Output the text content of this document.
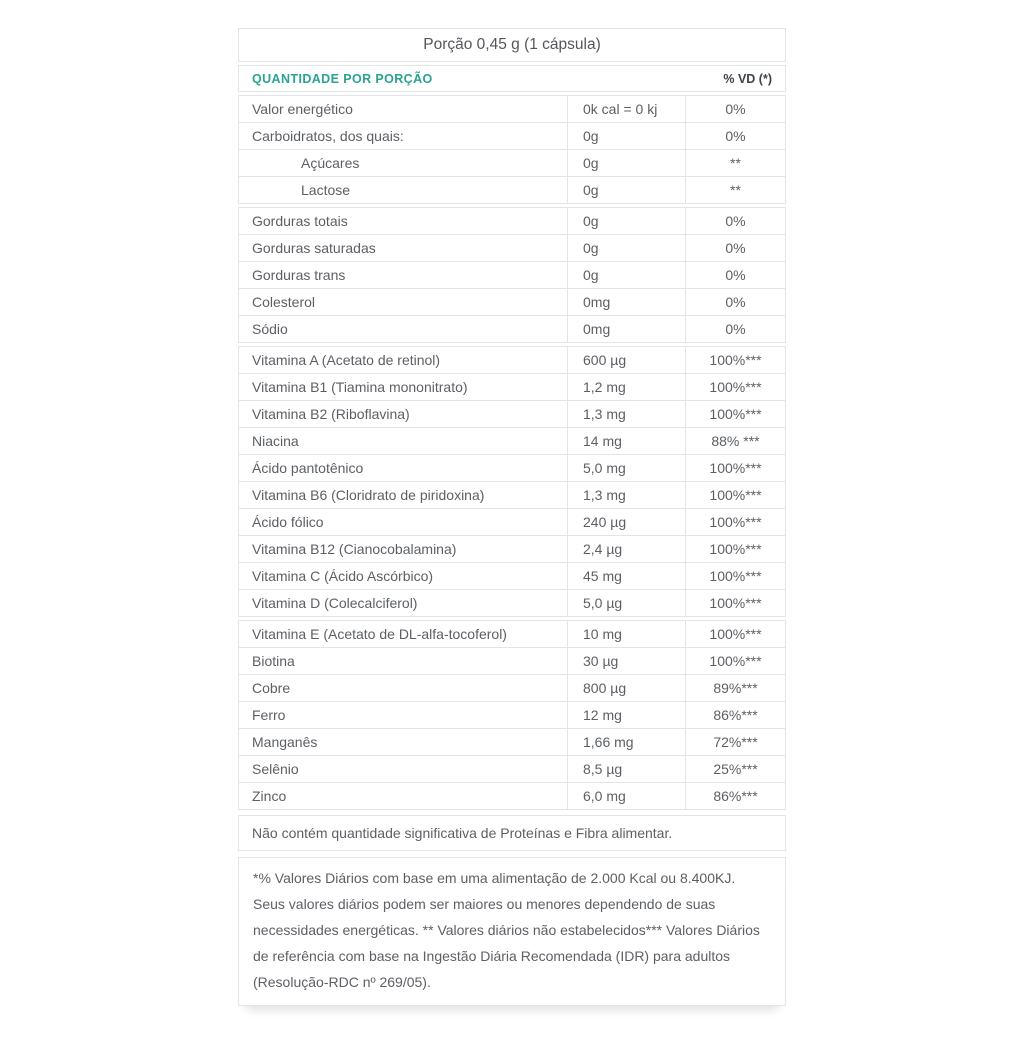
Porção 0,45 g (1 cápsula)
QUANTIDADE POR PORÇÃO	% VD (*)
Valor energético	0k cal = 0 kj	0%
Carboidratos, dos quais:	0g	0%
Açúcares	0g	**
Lactose	0g	**
Gorduras totais	0g	0%
Gorduras saturadas	0g	0%
Gorduras trans	0g	0%
Colesterol	0mg	0%
Sódio	0mg	0%
Vitamina A (Acetato de retinol)	600 µg	100%***
Vitamina B1 (Tiamina mononitrato)	1,2 mg	100%***
Vitamina B2 (Riboflavina)	1,3 mg	100%***
Niacina	14 mg	88% ***
Ácido pantotênico	5,0 mg	100%***
Vitamina B6 (Cloridrato de piridoxina)	1,3 mg	100%***
Ácido fólico	240 µg	100%***
Vitamina B12 (Cianocobalamina)	2,4 µg	100%***
Vitamina C (Ácido Ascórbico)	45 mg	100%***
Vitamina D (Colecalciferol)	5,0 µg	100%***
Vitamina E (Acetato de DL-alfa-tocoferol)	10 mg	100%***
Biotina	30 µg	100%***
Cobre	800 µg	89%***
Ferro	12 mg	86%***
Manganês	1,66 mg	72%***
Selênio	8,5 µg	25%***
Zinco	6,0 mg	86%***
Não contém quantidade significativa de Proteínas e Fibra alimentar.
*% Valores Diários com base em uma alimentação de 2.000 Kcal ou 8.400KJ. Seus valores diários podem ser maiores ou menores dependendo de suas necessidades energéticas. ** Valores diários não estabelecidos*** Valores Diários de referência com base na Ingestão Diária Recomendada (IDR) para adultos (Resolução-RDC nº 269/05).
